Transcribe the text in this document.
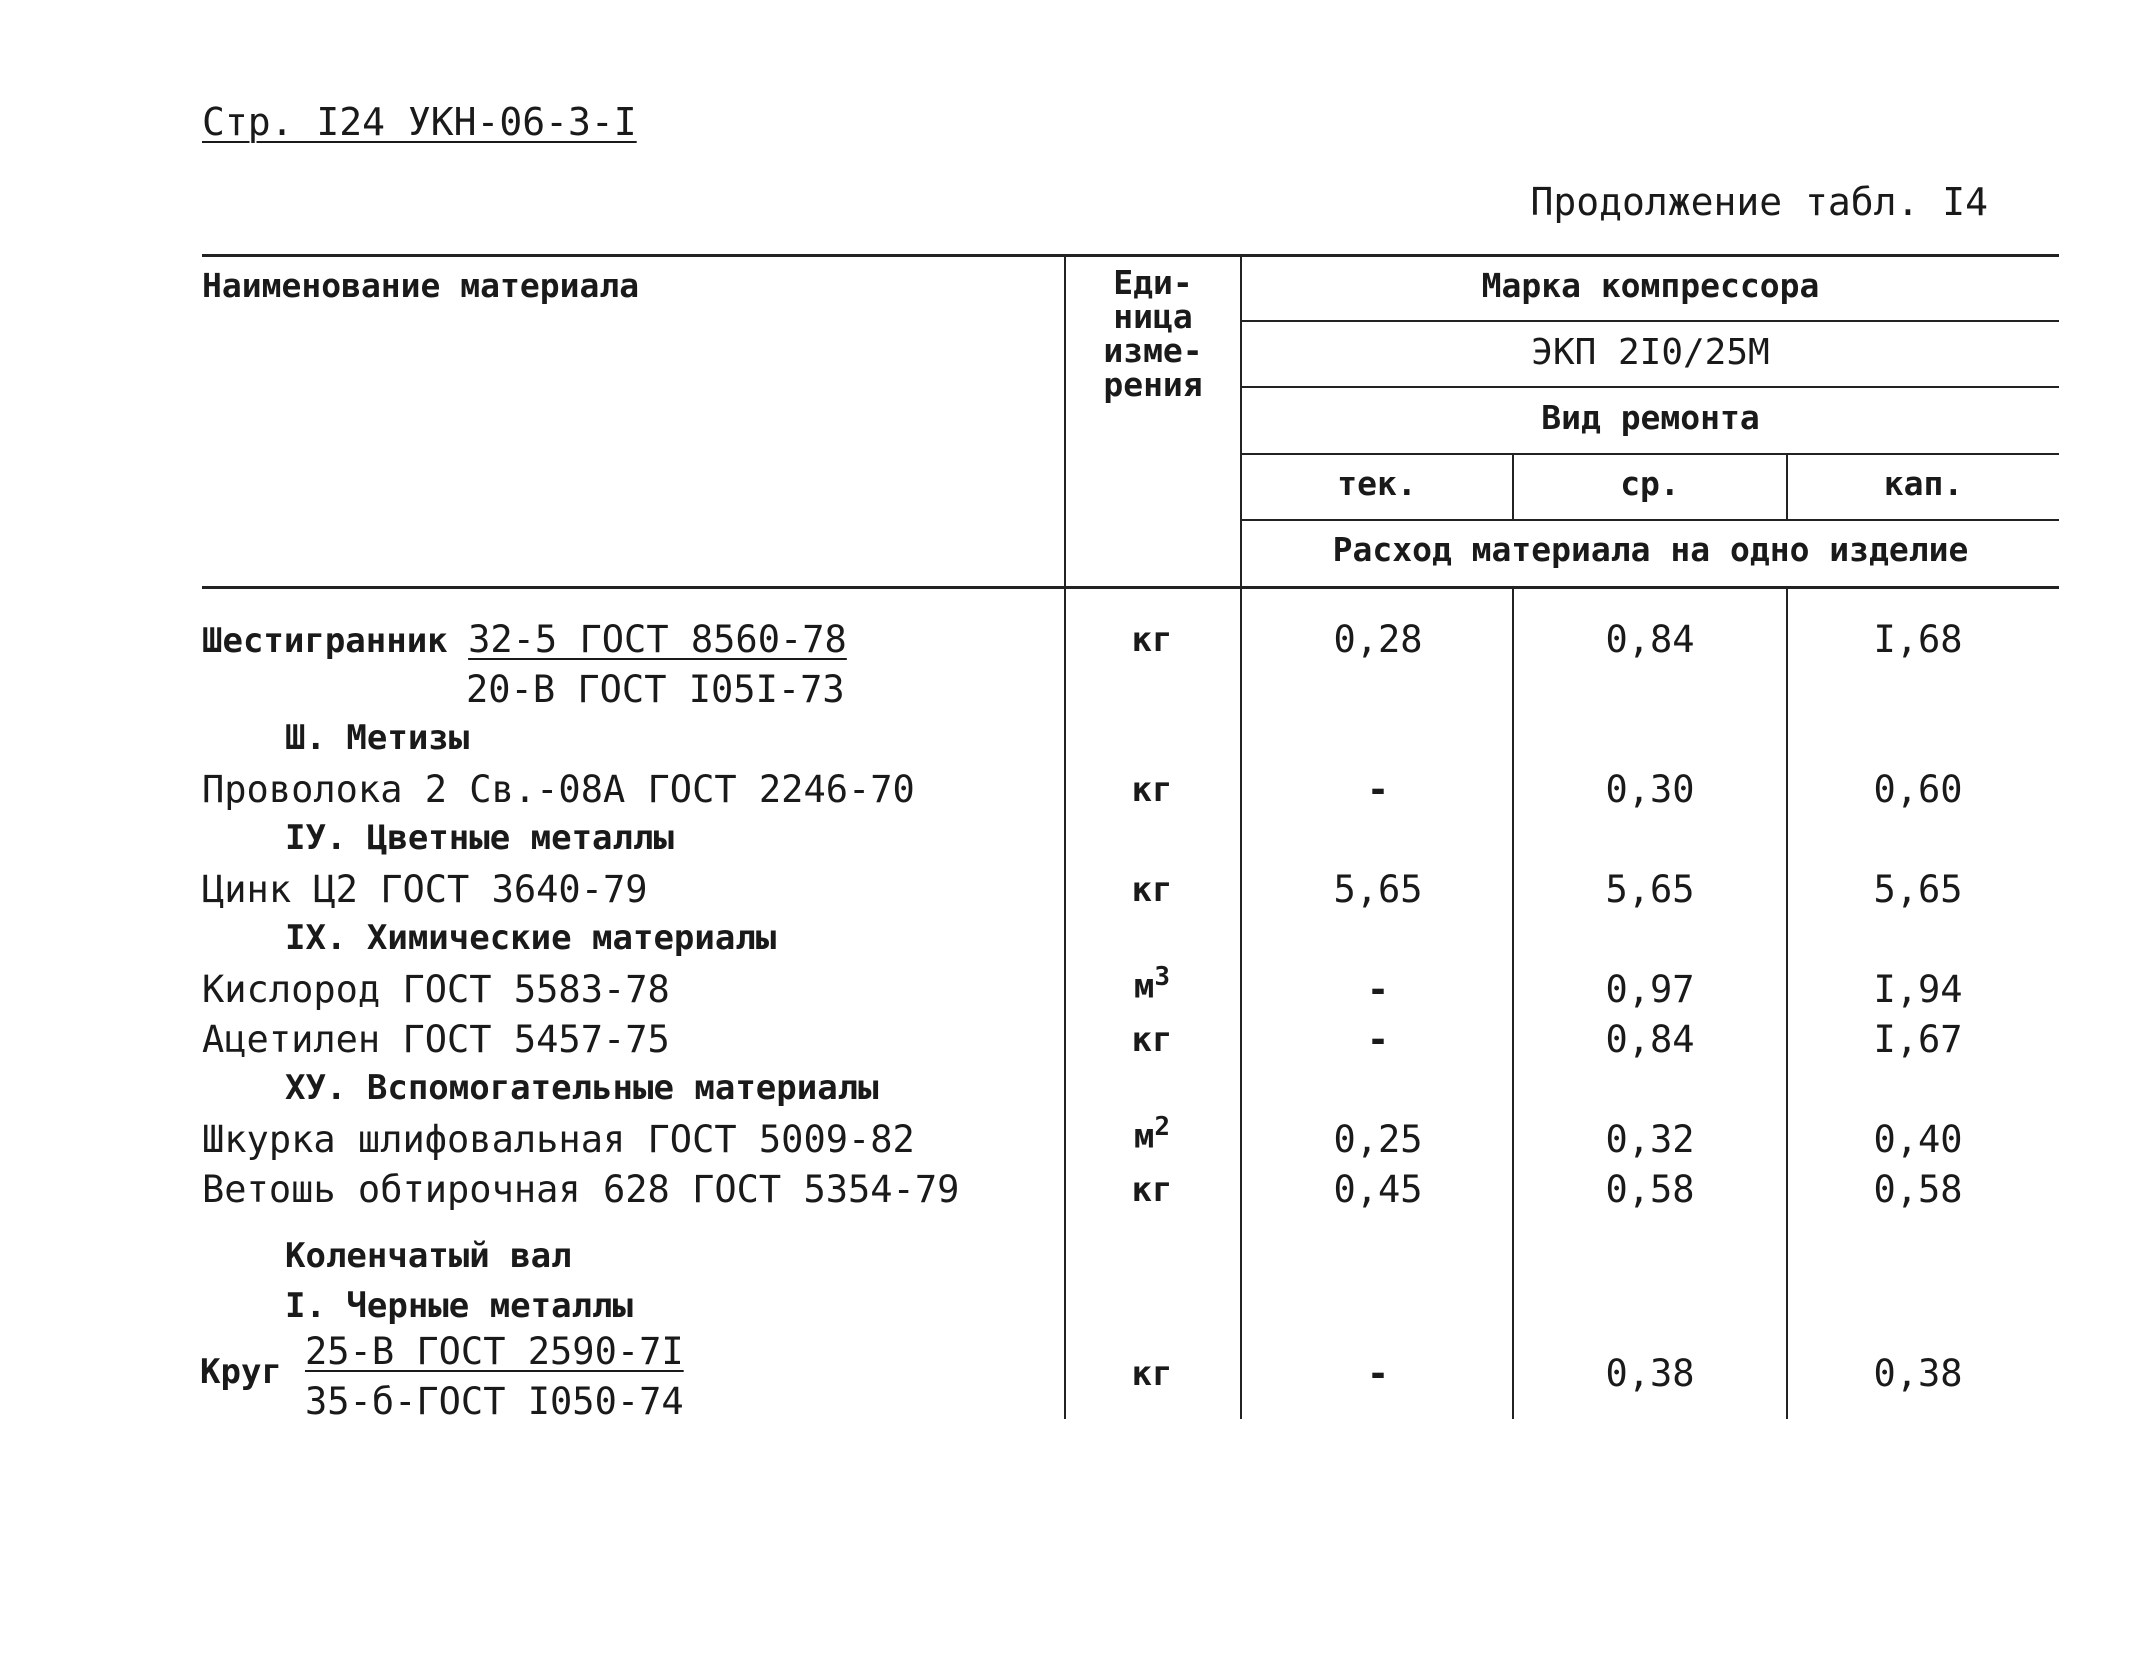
Стр. I24 УКН-06-3-I
Продолжение табл. I4
Наименование материала	Еди-
ница
изме-
рения
Марка компрессора
ЭКП 2I0/25М
Вид ремонта
тек.	ср.	кап.
Расход материала на одно изделие
Шестигранник 32-5 ГОСТ 8560-78
20-В ГОСТ I05I-73
кг	0,28	0,84	I,68
Ш. Метизы
Проволока 2 Св.-08А ГОСТ 2246-70	кг	-	0,30	0,60
IУ. Цветные металлы
Цинк Ц2 ГОСТ 3640-79	кг	5,65	5,65	5,65
IX. Химические материалы
Кислород ГОСТ 5583-78	$м^3$	-	0,97	I,94
Ацетилен ГОСТ 5457-75	кг	-	0,84	I,67
ХУ. Вспомогательные материалы
Шкурка шлифовальная ГОСТ 5009-82	$м^2$	0,25	0,32	0,40
Ветошь обтирочная 628 ГОСТ 5354-79	кг	0,45	0,58	0,58
Коленчатый вал
I. Черные металлы
Круг 25-В ГОСТ 2590-7I
35-б-ГОСТ I050-74
кг	-	0,38	0,38
